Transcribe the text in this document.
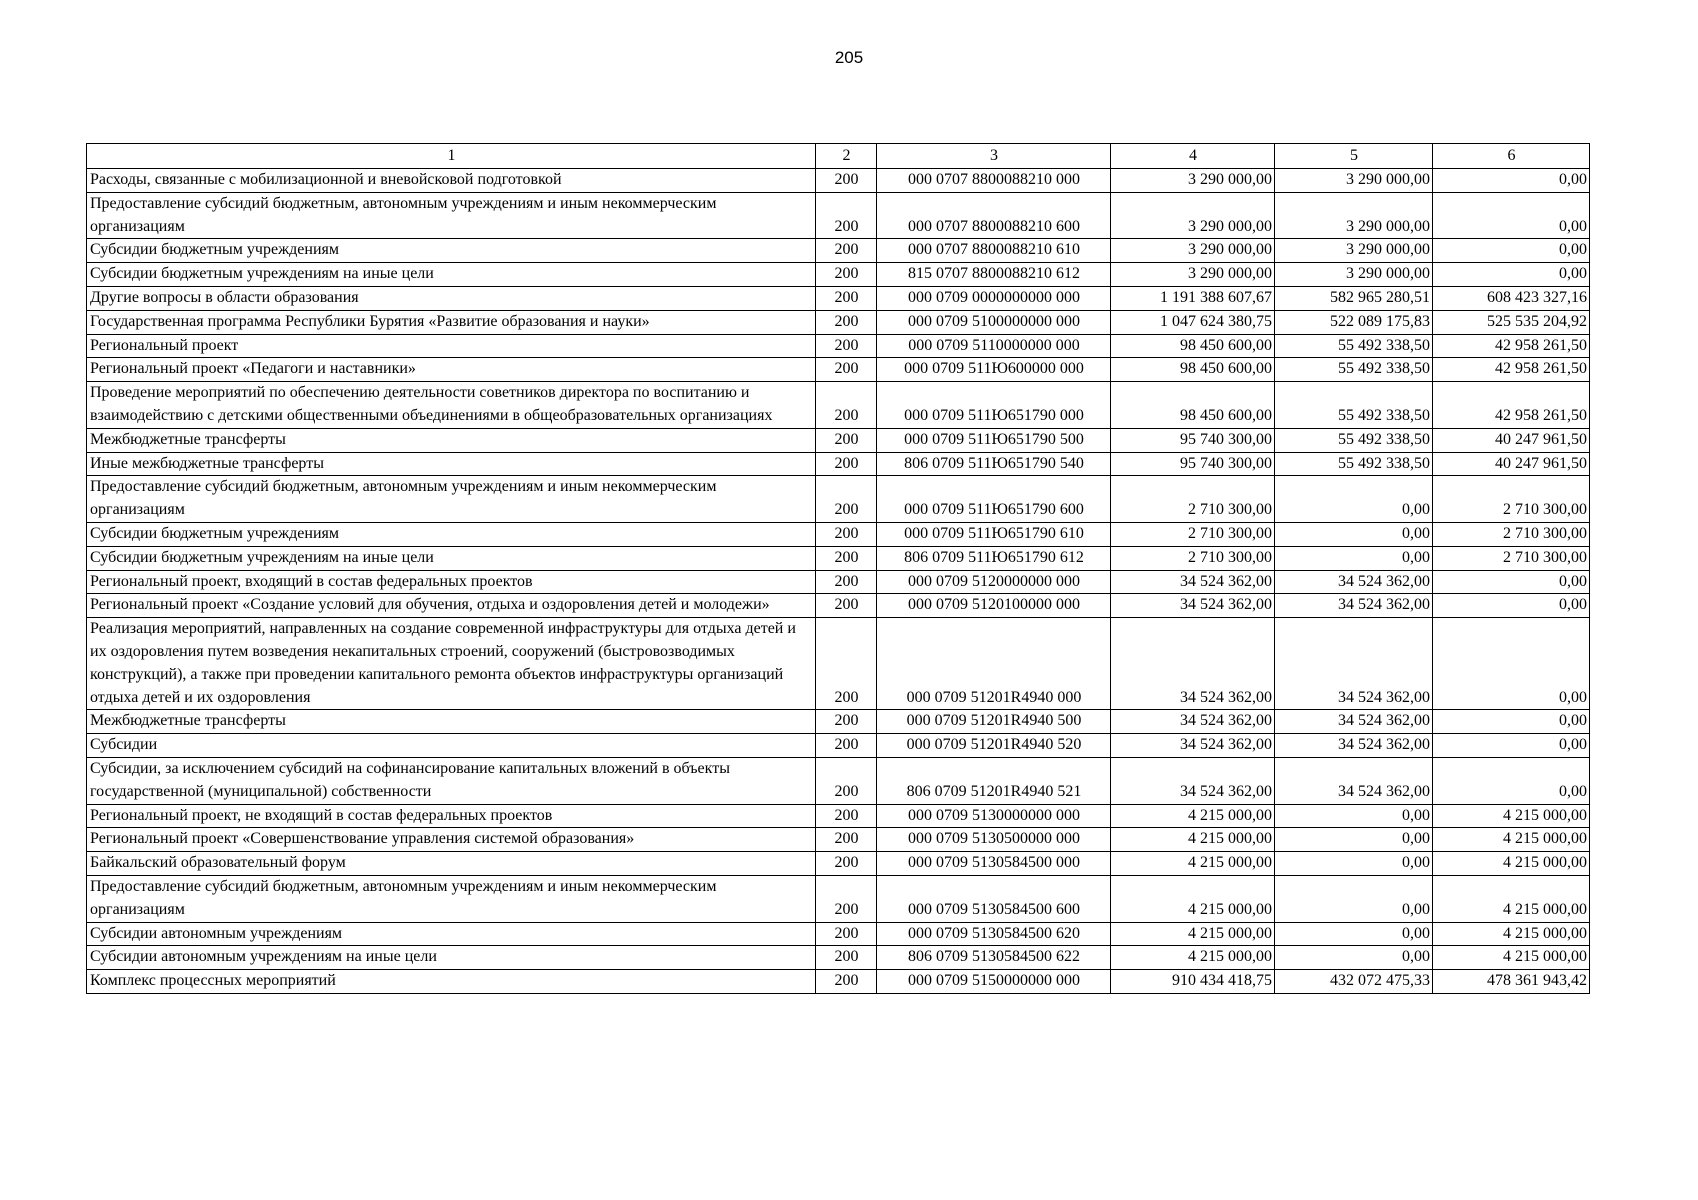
205
1	2	3	4	5	6
Расходы, связанные с мобилизационной и вневойсковой подготовкой	200	000 0707 8800088210 000	3 290 000,00	3 290 000,00	0,00
Предоставление субсидий бюджетным, автономным учреждениям и иным некоммерческим организациям	200	000 0707 8800088210 600	3 290 000,00	3 290 000,00	0,00
Субсидии бюджетным учреждениям	200	000 0707 8800088210 610	3 290 000,00	3 290 000,00	0,00
Субсидии бюджетным учреждениям на иные цели	200	815 0707 8800088210 612	3 290 000,00	3 290 000,00	0,00
Другие вопросы в области образования	200	000 0709 0000000000 000	1 191 388 607,67	582 965 280,51	608 423 327,16
Государственная программа Республики Бурятия «Развитие образования и науки»	200	000 0709 5100000000 000	1 047 624 380,75	522 089 175,83	525 535 204,92
Региональный проект	200	000 0709 5110000000 000	98 450 600,00	55 492 338,50	42 958 261,50
Региональный проект «Педагоги и наставники»	200	000 0709 511Ю600000 000	98 450 600,00	55 492 338,50	42 958 261,50
Проведение мероприятий по обеспечению деятельности советников директора по воспитанию и взаимодействию с детскими общественными объединениями в общеобразовательных организациях	200	000 0709 511Ю651790 000	98 450 600,00	55 492 338,50	42 958 261,50
Межбюджетные трансферты	200	000 0709 511Ю651790 500	95 740 300,00	55 492 338,50	40 247 961,50
Иные межбюджетные трансферты	200	806 0709 511Ю651790 540	95 740 300,00	55 492 338,50	40 247 961,50
Предоставление субсидий бюджетным, автономным учреждениям и иным некоммерческим организациям	200	000 0709 511Ю651790 600	2 710 300,00	0,00	2 710 300,00
Субсидии бюджетным учреждениям	200	000 0709 511Ю651790 610	2 710 300,00	0,00	2 710 300,00
Субсидии бюджетным учреждениям на иные цели	200	806 0709 511Ю651790 612	2 710 300,00	0,00	2 710 300,00
Региональный проект, входящий в состав федеральных проектов	200	000 0709 5120000000 000	34 524 362,00	34 524 362,00	0,00
Региональный проект «Создание условий для обучения, отдыха и оздоровления детей и молодежи»	200	000 0709 5120100000 000	34 524 362,00	34 524 362,00	0,00
Реализация мероприятий, направленных на создание современной инфраструктуры для отдыха детей и их оздоровления путем возведения некапитальных строений, сооружений (быстровозводимых конструкций), а также при проведении капитального ремонта объектов инфраструктуры организаций отдыха детей и их оздоровления	200	000 0709 51201R4940 000	34 524 362,00	34 524 362,00	0,00
Межбюджетные трансферты	200	000 0709 51201R4940 500	34 524 362,00	34 524 362,00	0,00
Субсидии	200	000 0709 51201R4940 520	34 524 362,00	34 524 362,00	0,00
Субсидии, за исключением субсидий на софинансирование капитальных вложений в объекты государственной (муниципальной) собственности	200	806 0709 51201R4940 521	34 524 362,00	34 524 362,00	0,00
Региональный проект, не входящий в состав федеральных проектов	200	000 0709 5130000000 000	4 215 000,00	0,00	4 215 000,00
Региональный проект «Совершенствование управления системой образования»	200	000 0709 5130500000 000	4 215 000,00	0,00	4 215 000,00
Байкальский образовательный форум	200	000 0709 5130584500 000	4 215 000,00	0,00	4 215 000,00
Предоставление субсидий бюджетным, автономным учреждениям и иным некоммерческим организациям	200	000 0709 5130584500 600	4 215 000,00	0,00	4 215 000,00
Субсидии автономным учреждениям	200	000 0709 5130584500 620	4 215 000,00	0,00	4 215 000,00
Субсидии автономным учреждениям на иные цели	200	806 0709 5130584500 622	4 215 000,00	0,00	4 215 000,00
Комплекс процессных мероприятий	200	000 0709 5150000000 000	910 434 418,75	432 072 475,33	478 361 943,42
